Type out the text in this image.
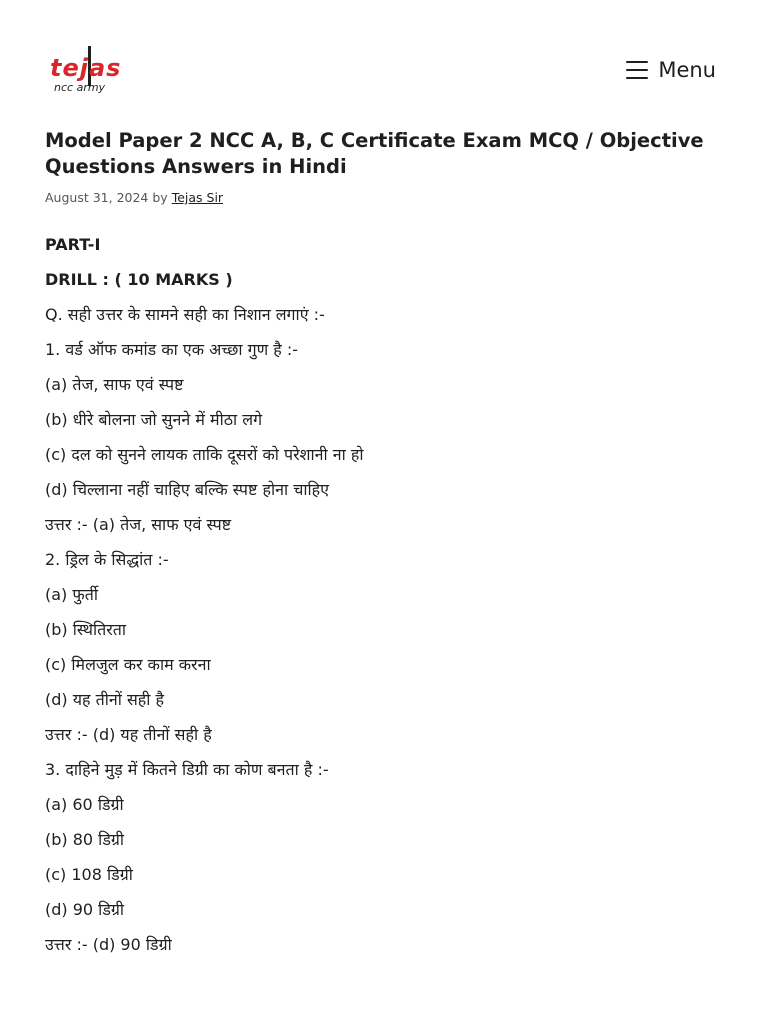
tejas
ncc army
Menu
Model Paper 2 NCC A, B, C Certificate Exam MCQ / Objective Questions Answers in Hindi
August 31, 2024 by Tejas Sir
PART-I
DRILL : ( 10 MARKS )
Q. सही उत्तर के सामने सही का निशान लगाएं :-
1. वर्ड ऑफ कमांड का एक अच्छा गुण है :-
(a) तेज, साफ एवं स्पष्ट
(b) धीरे बोलना जो सुनने में मीठा लगे
(c) दल को सुनने लायक ताकि दूसरों को परेशानी ना हो
(d) चिल्लाना नहीं चाहिए बल्कि स्पष्ट होना चाहिए
उत्तर :- (a) तेज, साफ एवं स्पष्ट
2. ड्रिल के सिद्धांत :-
(a) फुर्ती
(b) स्थितिरता
(c) मिलजुल कर काम करना
(d) यह तीनों सही है
उत्तर :- (d) यह तीनों सही है
3. दाहिने मुड़ में कितने डिग्री का कोण बनता है :-
(a) 60 डिग्री
(b) 80 डिग्री
(c) 108 डिग्री
(d) 90 डिग्री
उत्तर :- (d) 90 डिग्री
